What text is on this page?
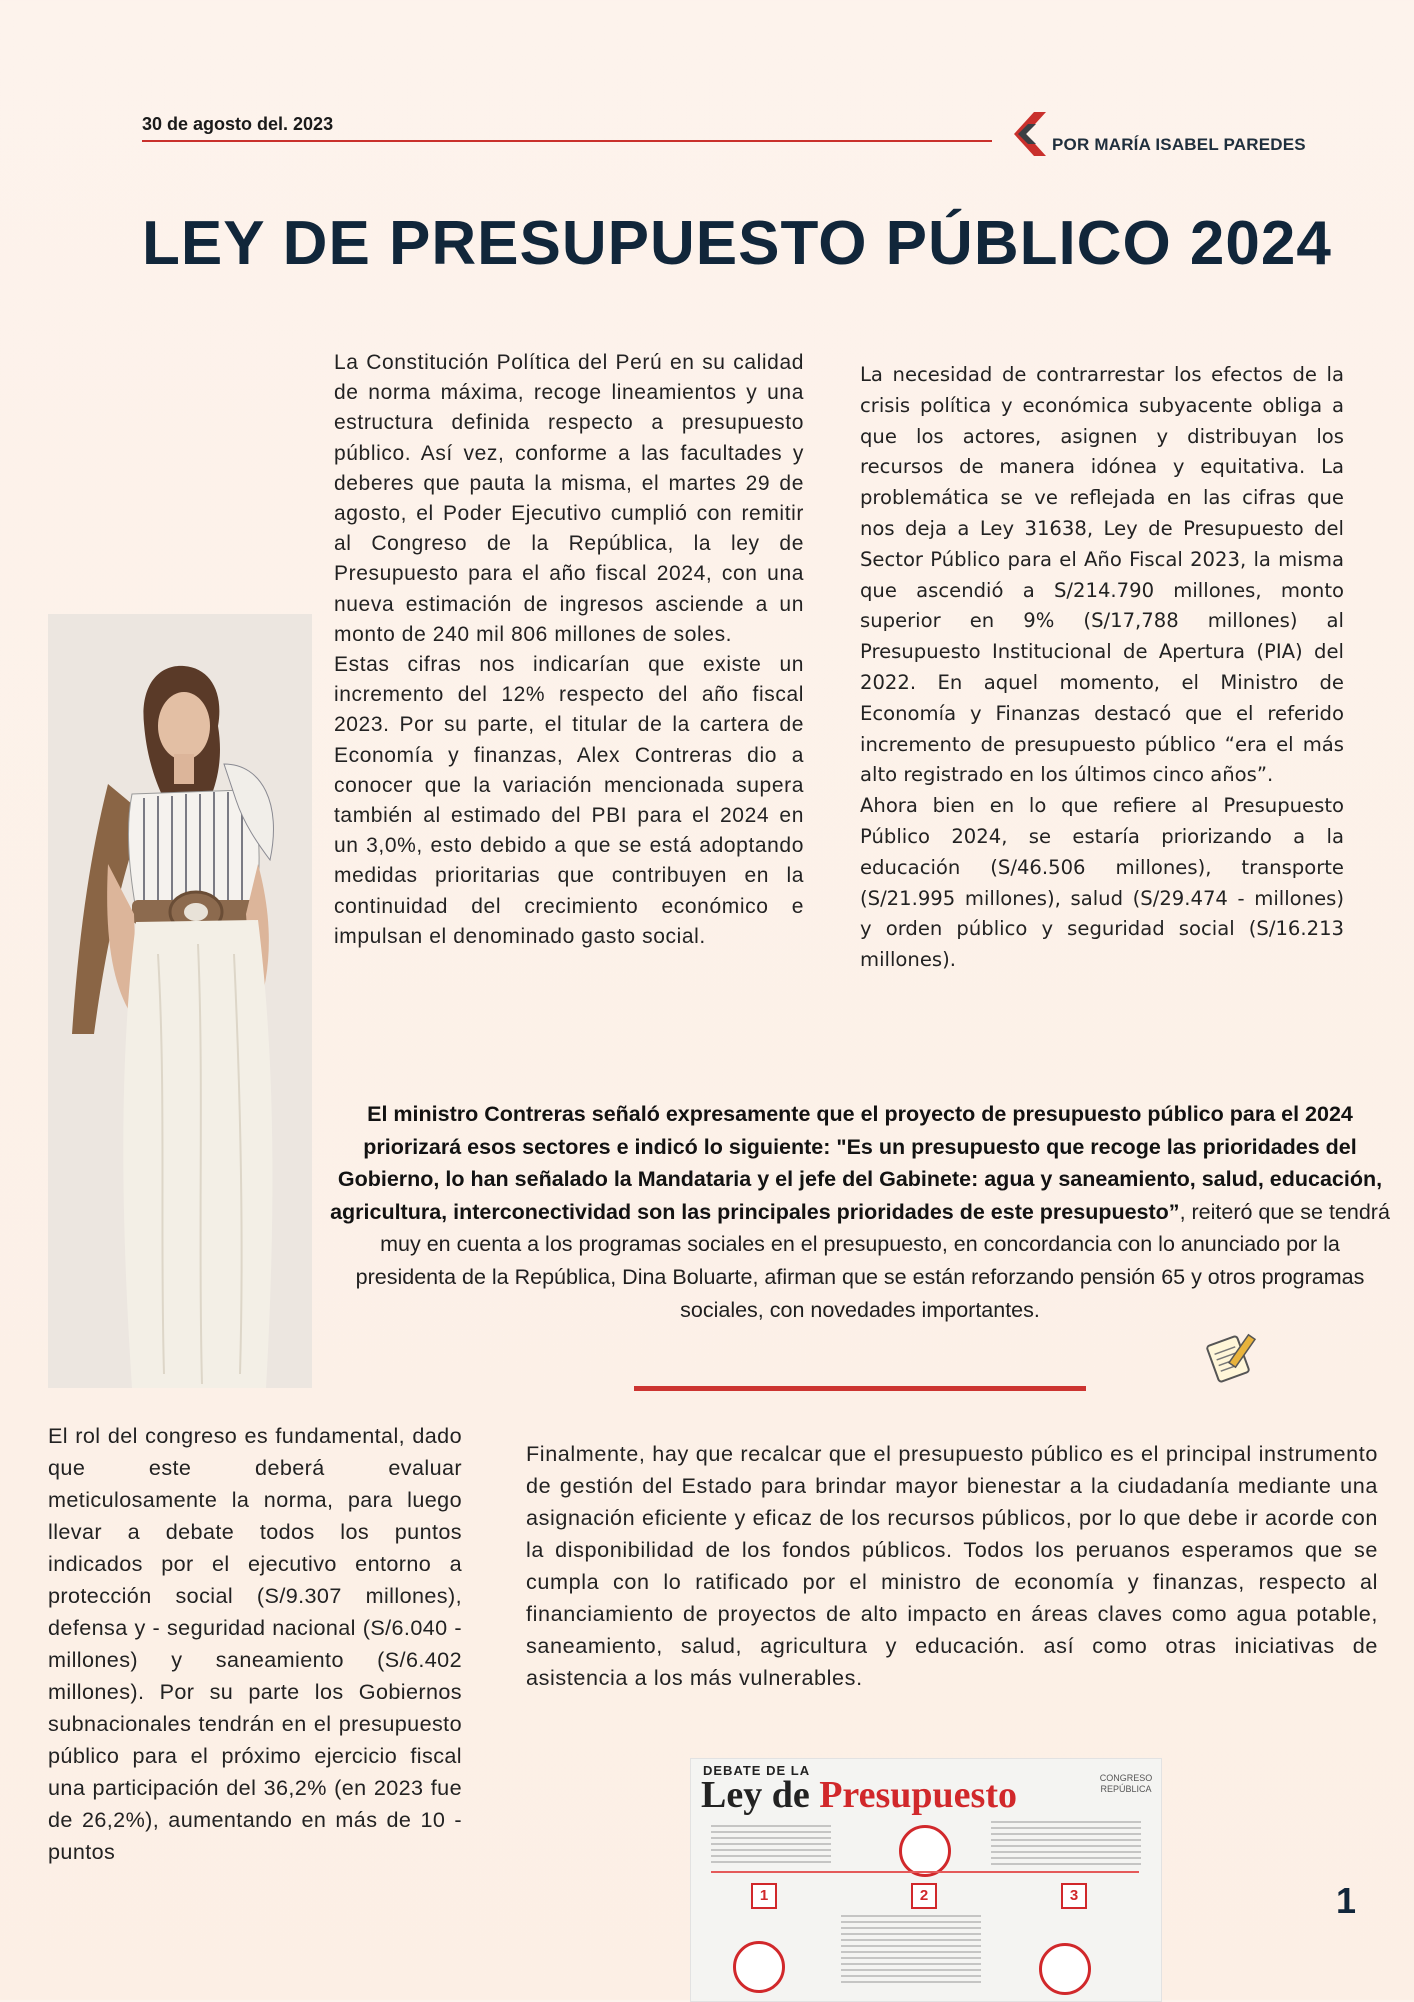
30 de agosto del. 2023
POR MARÍA ISABEL PAREDES
LEY DE PRESUPUESTO PÚBLICO 2024

La Constitución Política del Perú en su calidad de norma máxima, recoge lineamientos y una estructura definida respecto a presupuesto público. Así vez, conforme a las facultades y deberes que pauta la misma, el martes 29 de agosto, el Poder Ejecutivo cumplió con remitir al Congreso de la República, la ley de Presupuesto para el año fiscal 2024, con una nueva estimación de ingresos asciende a un monto de 240 mil 806 millones de soles.

Estas cifras nos indicarían que existe un incremento del 12% respecto del año fiscal 2023. Por su parte, el titular de la cartera de Economía y finanzas, Alex Contreras dio a conocer que la variación mencionada supera también al estimado del PBI para el 2024 en un 3,0%, esto debido a que se está adoptando medidas prioritarias que contribuyen en la continuidad del crecimiento económico e impulsan el denominado gasto social.

La necesidad de contrarrestar los efectos de la crisis política y económica subyacente obliga a que los actores, asignen y distribuyan los recursos de manera idónea y equitativa. La problemática se ve reflejada en las cifras que nos deja a Ley 31638, Ley de Presupuesto del Sector Público para el Año Fiscal 2023, la misma que ascendió a S/214.790 millones, monto superior en 9% (S/17,788 millones) al Presupuesto Institucional de Apertura (PIA) del 2022. En aquel momento, el Ministro de Economía y Finanzas destacó que el referido incremento de presupuesto público “era el más alto registrado en los últimos cinco años”.

Ahora bien en lo que refiere al Presupuesto Público 2024, se estaría priorizando a la educación (S/46.506 millones), transporte (S/21.995 millones), salud (S/29.474 - millones) y orden público y seguridad social (S/16.213 millones).

El ministro Contreras señaló expresamente que el proyecto de presupuesto público para el 2024 priorizará esos sectores e indicó lo siguiente: "Es un presupuesto que recoge las prioridades del Gobierno, lo han señalado la Mandataria y el jefe del Gabinete: agua y saneamiento, salud, educación, agricultura, interconectividad son las principales prioridades de este presupuesto”, reiteró que se tendrá muy en cuenta a los programas sociales en el presupuesto, en concordancia con lo anunciado por la presidenta de la República, Dina Boluarte, afirman que se están reforzando pensión 65 y otros programas sociales, con novedades importantes.
El rol del congreso es fundamental, dado que este deberá evaluar meticulosamente la norma, para luego llevar a debate todos los puntos indicados por el ejecutivo entorno a protección social (S/9.307 millones), defensa y - seguridad nacional (S/6.040 - millones) y saneamiento (S/6.402 millones). Por su parte los Gobiernos subnacionales tendrán en el presupuesto público para el próximo ejercicio fiscal una participación del 36,2% (en 2023 fue de 26,2%), aumentando en más de 10 - puntos
Finalmente, hay que recalcar que el presupuesto público es el principal instrumento de gestión del Estado para brindar mayor bienestar a la ciudadanía mediante una asignación eficiente y eficaz de los recursos públicos, por lo que debe ir acorde con la disponibilidad de los fondos públicos. Todos los peruanos esperamos que se cumpla con lo ratificado por el ministro de economía y finanzas, respecto al financiamiento de proyectos de alto impacto en áreas claves como agua potable, saneamiento, salud, agricultura y educación. así como otras iniciativas de asistencia a los más vulnerables.
DEBATE DE LA
Ley de Presupuesto	CONGRESO REPÚBLICA
1	2	3	1
